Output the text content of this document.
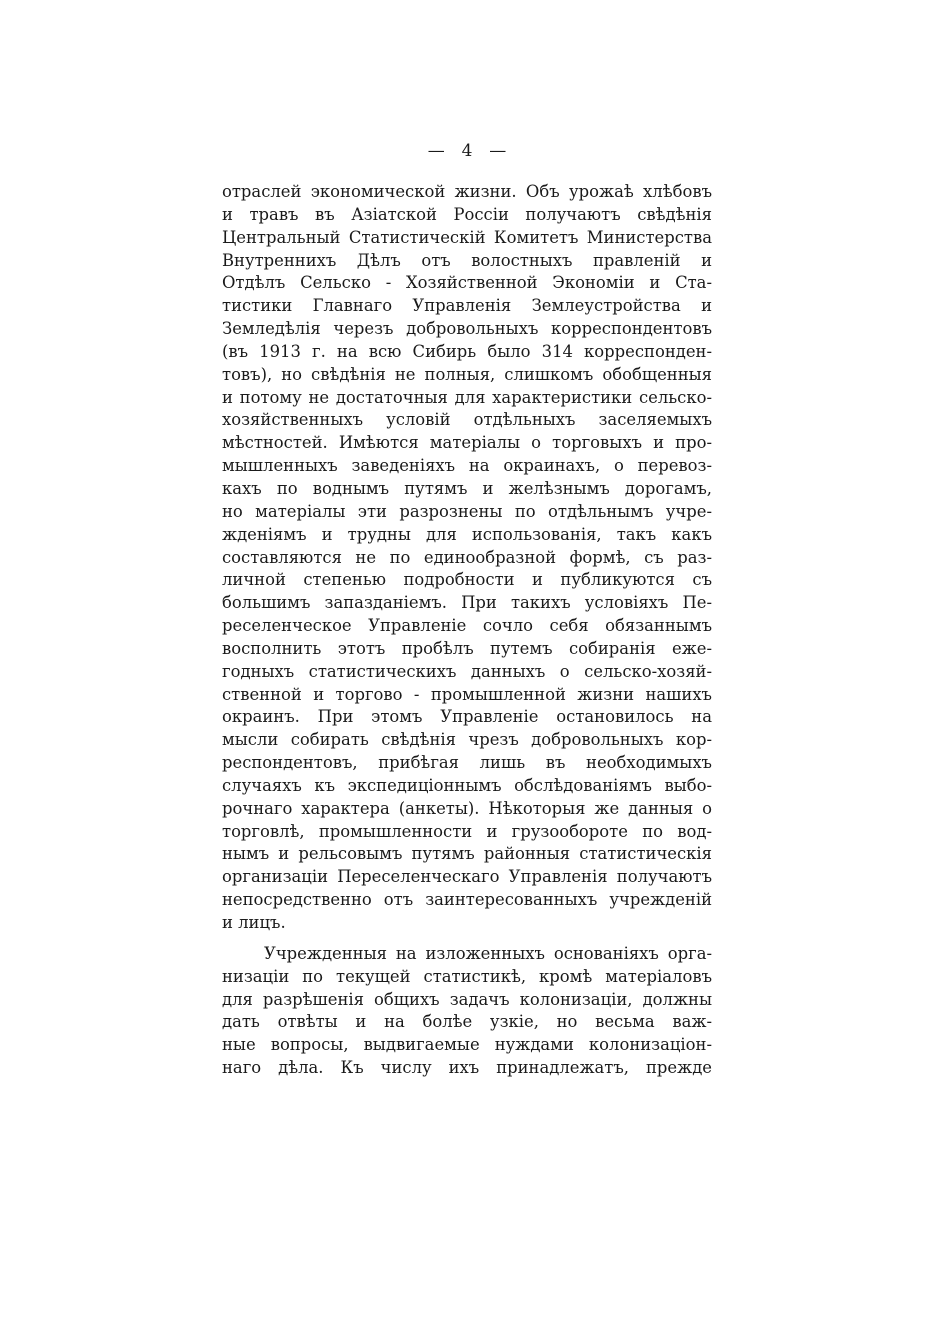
—  4  —
отраслей экономической жизни. Объ урожаѣ хлѣбовъ
и травъ въ Азіатской Россіи получаютъ свѣдѣнія
Центральный Статистическій Комитетъ Министерства
Внутреннихъ Дѣлъ отъ волостныхъ правленій и
Отдѣлъ Сельско - Хозяйственной Экономіи и Ста-
тистики Главнаго Управленія Землеустройства и
Земледѣлія черезъ добровольныхъ корреспондентовъ
(въ 1913 г. на всю Сибирь было 314 корреспонден-
товъ), но свѣдѣнія не полныя, слишкомъ обобщенныя
и потому не достаточныя для характеристики сельско-
хозяйственныхъ условій отдѣльныхъ заселяемыхъ
мѣстностей. Имѣются матеріалы о торговыхъ и про-
мышленныхъ заведеніяхъ на окраинахъ, о перевоз-
кахъ по воднымъ путямъ и желѣзнымъ дорогамъ,
но матеріалы эти разрознены по отдѣльнымъ учре-
жденіямъ и трудны для использованія, такъ какъ
составляются не по единообразной формѣ, съ раз-
личной степенью подробности и публикуются съ
большимъ запазданіемъ. При такихъ условіяхъ Пе-
реселенческое Управленіе сочло себя обязаннымъ
восполнить этотъ пробѣлъ путемъ собиранія еже-
годныхъ статистическихъ данныхъ о сельско-хозяй-
ственной и торгово - промышленной жизни нашихъ
окраинъ. При этомъ Управленіе остановилось на
мысли собирать свѣдѣнія чрезъ добровольныхъ кор-
респондентовъ, прибѣгая лишь въ необходимыхъ
случаяхъ къ экспедиціоннымъ обслѣдованіямъ выбо-
рочнаго характера (анкеты). Нѣкоторыя же данныя о
торговлѣ, промышленности и грузообороте по вод-
нымъ и рельсовымъ путямъ районныя статистическія
организаціи Переселенческаго Управленія получаютъ
непосредственно отъ заинтересованныхъ учрежденій
и лицъ.
Учрежденныя на изложенныхъ основаніяхъ орга-
низаціи по текущей статистикѣ, кромѣ матеріаловъ
для разрѣшенія общихъ задачъ колонизаціи, должны
дать отвѣты и на болѣе узкіе, но весьма важ-
ные вопросы, выдвигаемые нуждами колонизаціон-
наго дѣла. Къ числу ихъ принадлежатъ, прежде
